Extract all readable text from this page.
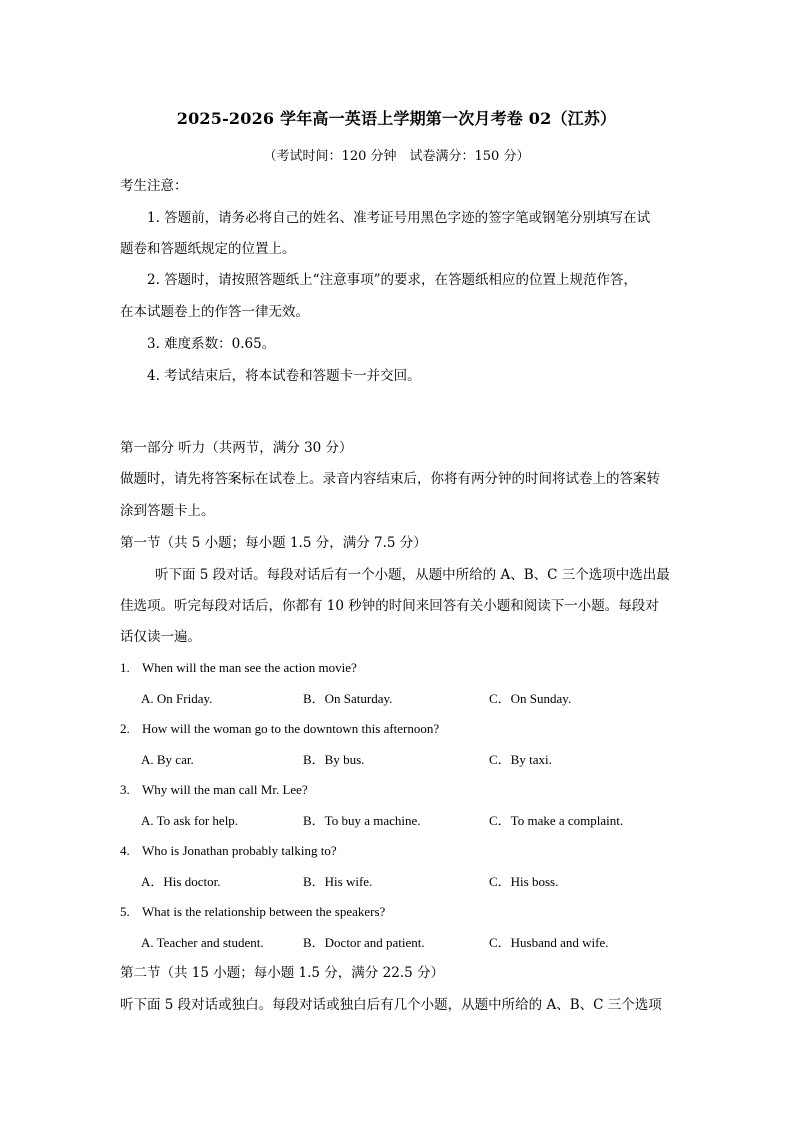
2025-2026 学年高一英语上学期第一次月考卷 02（江苏）
（考试时间：120 分钟　试卷满分：150 分）
考生注意：
1. 答题前，请务必将自己的姓名、准考证号用黑色字迹的签字笔或钢笔分别填写在试
题卷和答题纸规定的位置上。
2. 答题时，请按照答题纸上“注意事项”的要求，在答题纸相应的位置上规范作答，
在本试题卷上的作答一律无效。
3. 难度系数：0.65。
4. 考试结束后，将本试卷和答题卡一并交回。
第一部分 听力（共两节，满分 30 分）
做题时，请先将答案标在试卷上。录音内容结束后，你将有两分钟的时间将试卷上的答案转
涂到答题卡上。
第一节（共 5 小题；每小题 1.5 分，满分 7.5 分）
听下面 5 段对话。每段对话后有一个小题，从题中所给的 A、B、C 三个选项中选出最
佳选项。听完每段对话后，你都有 10 秒钟的时间来回答有关小题和阅读下一小题。每段对
话仅读一遍。
1. When will the man see the action movie?
A. On Friday.	B．On Saturday.	C．On Sunday.
2. How will the woman go to the downtown this afternoon?
A. By car.	B．By bus.	C．By taxi.
3. Why will the man call Mr. Lee?
A. To ask for help.	B．To buy a machine.	C．To make a complaint.
4. Who is Jonathan probably talking to?
A．His doctor.	B．His wife.	C．His boss.
5. What is the relationship between the speakers?
A. Teacher and student.	B．Doctor and patient.	C．Husband and wife.
第二节（共 15 小题；每小题 1.5 分，满分 22.5 分）
听下面 5 段对话或独白。每段对话或独白后有几个小题，从题中所给的 A、B、C 三个选项
